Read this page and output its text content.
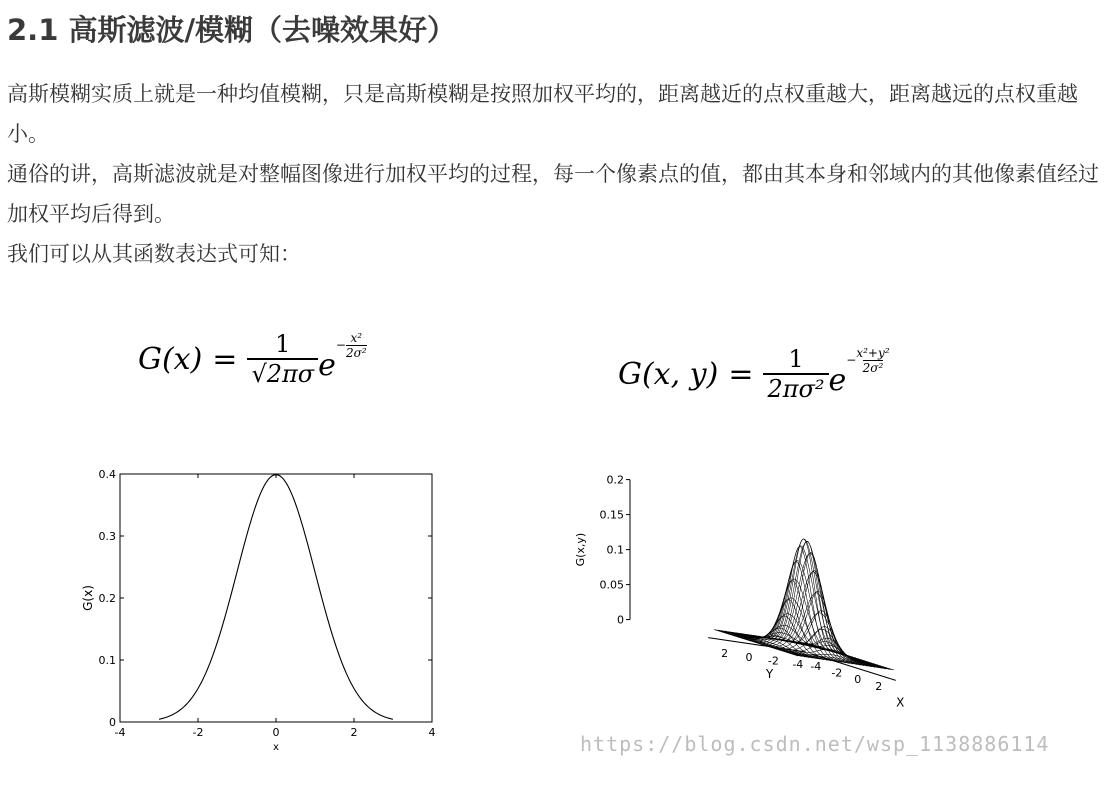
2.1 高斯滤波/模糊（去噪效果好）
高斯模糊实质上就是一种均值模糊，只是高斯模糊是按照加权平均的，距离越近的点权重越大，距离越远的点权重越小。
通俗的讲，高斯滤波就是对整幅图像进行加权平均的过程，每一个像素点的值，都由其本身和邻域内的其他像素值经过加权平均后得到。
我们可以从其函数表达式可知：
$G(x) = \frac{1}{√2\pi\sigma}$ e
− $\frac{\text{x²}}{\text{2σ²}}$
G(x, $y) = \frac{1}{\text{2πσ²}}$ e
− $\frac{\text{x²+y²}}{\text{2σ²}}$
-4	-2	0	2	4
0
0.1
0.2
0.3
0.4
x
G(x)
0
0.05
0.1
0.15
0.2
G(x,y)
-4
-2
0
2
-4
-2
0
2
X
Y
https://blog.csdn.net/wsp_1138886114
